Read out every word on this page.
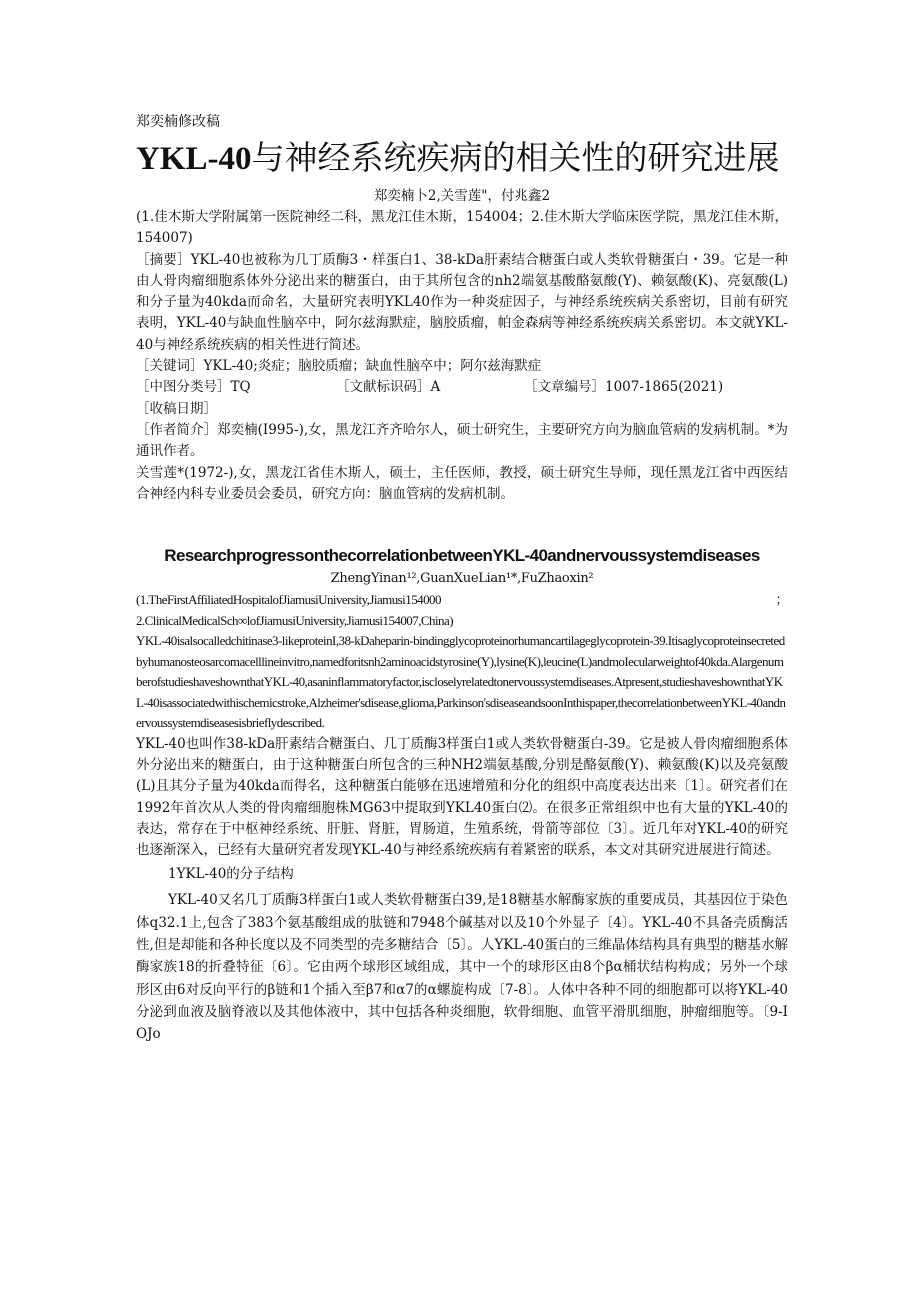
郑奕楠修改稿

YKL-40与神经系统疾病的相关性的研究进展

郑奕楠卜2,关雪莲"，付兆鑫2

(1.佳木斯大学附属第一医院神经二科，黑龙江佳木斯，154004；2.佳木斯大学临床医学院，黑龙江佳木斯，154007)

［摘要］YKL-40也被称为几丁质酶3・样蛋白1、38-kDa肝素结合糖蛋白或人类软骨糖蛋白・39。它是一种由人骨肉瘤细胞系体外分泌出来的糖蛋白，由于其所包含的nh2端氨基酸酪氨酸(Y)、赖氨酸(K)、亮氨酸(L)和分子量为40kda而命名，大量研究表明YKL40作为一种炎症因子，与神经系统疾病关系密切，目前有研究表明，YKL-40与缺血性脑卒中，阿尔兹海默症，脑胶质瘤，帕金森病等神经系统疾病关系密切。本文就YKL-40与神经系统疾病的相关性进行简述。

［关键词］YKL-40;炎症；脑胶质瘤；缺血性脑卒中；阿尔兹海默症

［中图分类号］TQ	［文献标识码］A	［文章编号］1007-1865(2021)

［收稿日期］

［作者简介］郑奕楠(I995-),女，黑龙江齐齐哈尔人，硕士研究生，主要研究方向为脑血管病的发病机制。*为通讯作者。

关雪莲*(1972-),女，黑龙江省佳木斯人，硕士，主任医师，教授，硕士研究生导师，现任黑龙江省中西医结合神经内科专业委员会委员，研究方向：脑血管病的发病机制。

ResearchprogressonthecorrelationbetweenYKL-40andnervoussystemdiseases

ZhengYinan¹²,GuanXueLian¹*,FuZhaoxin²

(1.TheFirstAffiliatedHospitalofJiamusiUniversity,Jiamusi154000	；

2.ClinicalMedicalSch∞lofJiamusiUniversity,Jiamusi154007,China)

YKL-40isalsocalledchitinase3-likeproteinI,38-kDaheparin-bindingglycoproteinorhumancartilageglycoprotein-39.Itisaglycoproteinsecretedbyhumanosteosarcomacelllineinvitro,namedforitsnh2aminoacidstyrosine(Y),lysine(K),leucine(L)andmoIecularweightof40kda.AlargenumberofstudieshaveshownthatYKL-40,asaninflammatoryfactor,iscloselyrelatedtonervoussystemdiseases.Atpresent,studieshaveshownthatYKL-40isassociatedwithischemicstroke,Alzheimer'sdisease,glioma,Parkinson'sdiseaseandsoonInthispaper,thecorrelationbetweenYKL-40andnervoussystemdiseasesisbrieflydescribed.

YKL-40也叫作38-kDa肝素结合糖蛋白、几丁质酶3样蛋白1或人类软骨糖蛋白-39。它是被人骨肉瘤细胞系体外分泌出来的糖蛋白，由于这种糖蛋白所包含的三种NH2端氨基酸,分别是酪氨酸(Y)、赖氨酸(K)以及亮氨酸(L)且其分子量为40kda而得名，这种糖蛋白能够在迅速增殖和分化的组织中高度表达出来〔1〕。研究者们在1992年首次从人类的骨肉瘤细胞株MG63中提取到YKL40蛋白⑵。在很多正常组织中也有大量的YKL-40的表达，常存在于中枢神经系统、肝脏、肾脏，胃肠道，生殖系统，骨箭等部位〔3〕。近几年对YKL-40的研究也逐渐深入，已经有大量研究者发现YKL-40与神经系统疾病有着紧密的联系，本文对其研究进展进行简述。

1YKL-40的分子结构

YKL-40又名几丁质酶3样蛋白1或人类软骨糖蛋白39,是18糖基水解酶家族的重要成员，其基因位于染色体q32.1上,包含了383个氨基酸组成的肽链和7948个碱基对以及10个外显子〔4〕。YKL-40不具备壳质酶活性,但是却能和各种长度以及不同类型的壳多糖结合〔5〕。人YKL-40蛋白的三维晶体结构具有典型的糖基水解酶家族18的折叠特征〔6〕。它由两个球形区域组成，其中一个的球形区由8个βα桶状结构构成；另外一个球形区由6对反向平行的β链和1个插入至β7和α7的α螺旋构成〔7-8〕。人体中各种不同的细胞都可以将YKL-40分泌到血液及脑脊液以及其他体液中，其中包括各种炎细胞，软骨细胞、血管平滑肌细胞，肿瘤细胞等。〔9-IOJo
